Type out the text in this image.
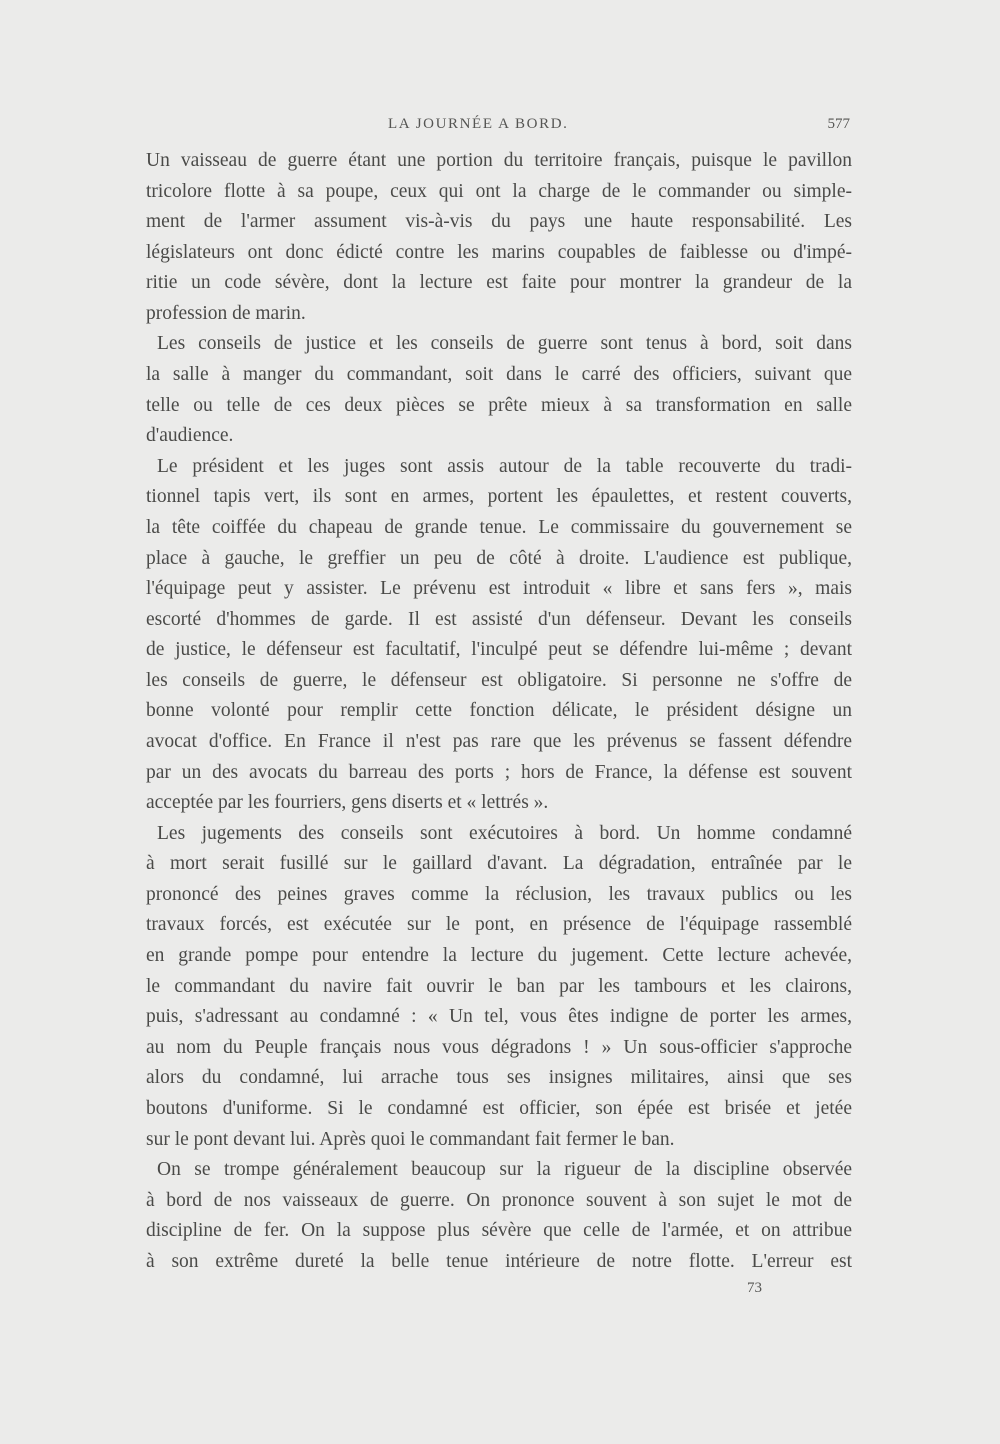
LA JOURNÉE A BORD.	577
Un vaisseau de guerre étant une portion du territoire français, puisque le pavillon
tricolore flotte à sa poupe, ceux qui ont la charge de le commander ou simple-
ment de l'armer assument vis-à-vis du pays une haute responsabilité. Les
législateurs ont donc édicté contre les marins coupables de faiblesse ou d'impé-
ritie un code sévère, dont la lecture est faite pour montrer la grandeur de la
profession de marin.
Les conseils de justice et les conseils de guerre sont tenus à bord, soit dans
la salle à manger du commandant, soit dans le carré des officiers, suivant que
telle ou telle de ces deux pièces se prête mieux à sa transformation en salle
d'audience.
Le président et les juges sont assis autour de la table recouverte du tradi-
tionnel tapis vert, ils sont en armes, portent les épaulettes, et restent couverts,
la tête coiffée du chapeau de grande tenue. Le commissaire du gouvernement se
place à gauche, le greffier un peu de côté à droite. L'audience est publique,
l'équipage peut y assister. Le prévenu est introduit « libre et sans fers », mais
escorté d'hommes de garde. Il est assisté d'un défenseur. Devant les conseils
de justice, le défenseur est facultatif, l'inculpé peut se défendre lui-même ; devant
les conseils de guerre, le défenseur est obligatoire. Si personne ne s'offre de
bonne volonté pour remplir cette fonction délicate, le président désigne un
avocat d'office. En France il n'est pas rare que les prévenus se fassent défendre
par un des avocats du barreau des ports ; hors de France, la défense est souvent
acceptée par les fourriers, gens diserts et « lettrés ».
Les jugements des conseils sont exécutoires à bord. Un homme condamné
à mort serait fusillé sur le gaillard d'avant. La dégradation, entraînée par le
prononcé des peines graves comme la réclusion, les travaux publics ou les
travaux forcés, est exécutée sur le pont, en présence de l'équipage rassemblé
en grande pompe pour entendre la lecture du jugement. Cette lecture achevée,
le commandant du navire fait ouvrir le ban par les tambours et les clairons,
puis, s'adressant au condamné : « Un tel, vous êtes indigne de porter les armes,
au nom du Peuple français nous vous dégradons ! » Un sous-officier s'approche
alors du condamné, lui arrache tous ses insignes militaires, ainsi que ses
boutons d'uniforme. Si le condamné est officier, son épée est brisée et jetée
sur le pont devant lui. Après quoi le commandant fait fermer le ban.
On se trompe généralement beaucoup sur la rigueur de la discipline observée
à bord de nos vaisseaux de guerre. On prononce souvent à son sujet le mot de
discipline de fer. On la suppose plus sévère que celle de l'armée, et on attribue
à son extrême dureté la belle tenue intérieure de notre flotte. L'erreur est
73
